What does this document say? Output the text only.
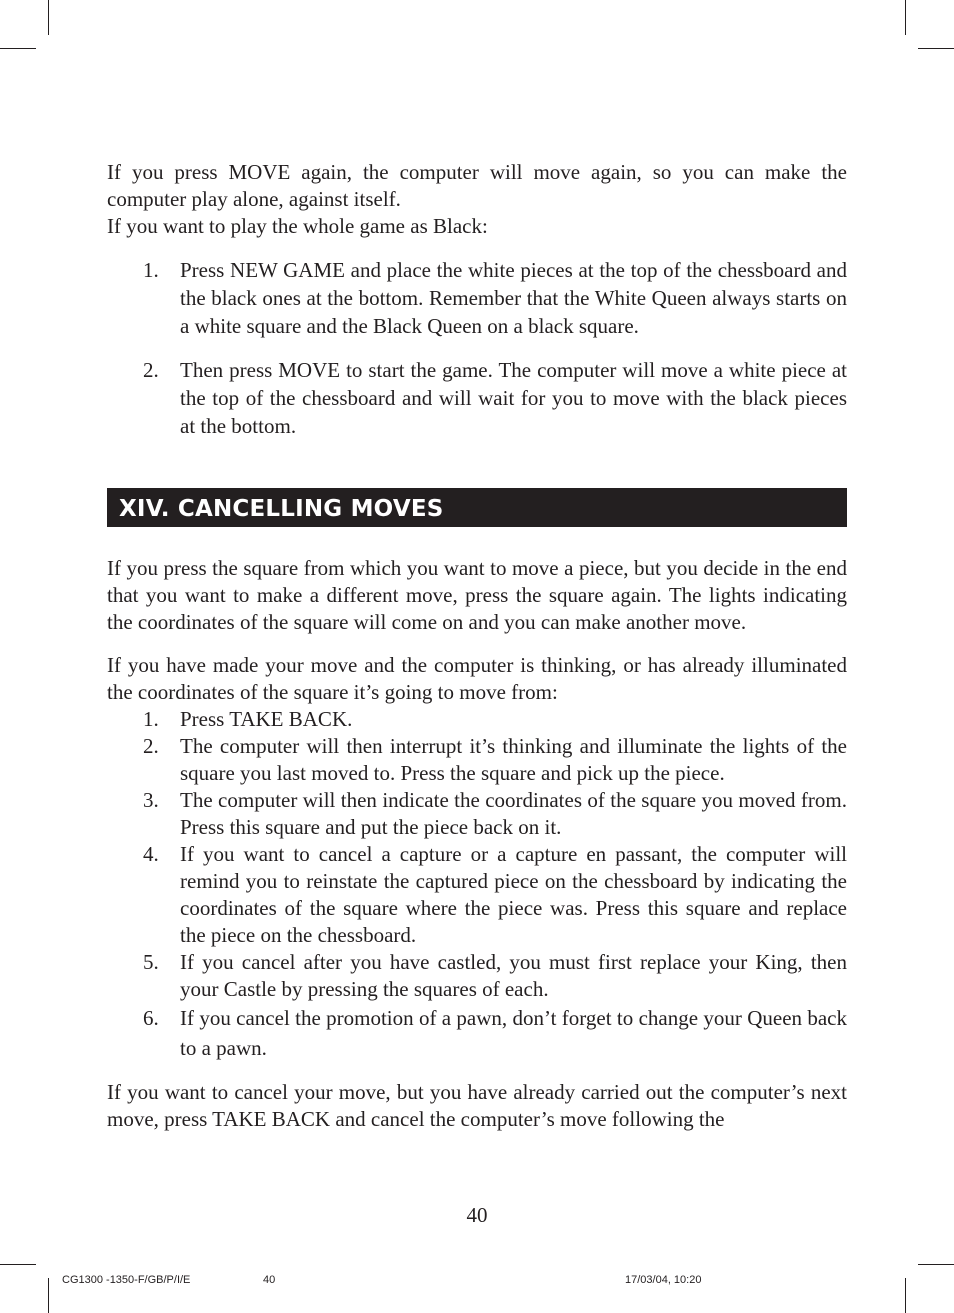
If you press MOVE again, the computer will move again, so you can make the computer play alone, against itself.

If you want to play the whole game as Black:

1. Press NEW GAME and place the white pieces at the top of the chessboard and the black ones at the bottom. Remember that the White Queen always starts on a white square and the Black Queen on a black square.
2. Then press MOVE to start the game. The computer will move a white piece at the top of the chessboard and will wait for you to move with the black pieces at the bottom.
XIV. CANCELLING MOVES

If you press the square from which you want to move a piece, but you decide in the end that you want to make a different move, press the square again. The lights indicating the coordinates of the square will come on and you can make another move.

If you have made your move and the computer is thinking, or has already illuminated the coordinates of the square it’s going to move from:

1. Press TAKE BACK.
2. The computer will then interrupt it’s thinking and illuminate the lights of the square you last moved to. Press the square and pick up the piece.
3. The computer will then indicate the coordinates of the square you moved from. Press this square and put the piece back on it.
4. If you want to cancel a capture or a capture en passant, the computer will remind you to reinstate the captured piece on the chessboard by indicating the coordinates of the square where the piece was. Press this square and replace the piece on the chessboard.
5. If you cancel after you have castled, you must first replace your King, then your Castle by pressing the squares of each.
6. If you cancel the promotion of a pawn, don’t forget to change your Queen back to a pawn.

If you want to cancel your move, but you have already carried out the computer’s next move, press TAKE BACK and cancel the computer’s move following the

40
CG1300 -1350-F/GB/P/I/E	40	17/03/04, 10:20
